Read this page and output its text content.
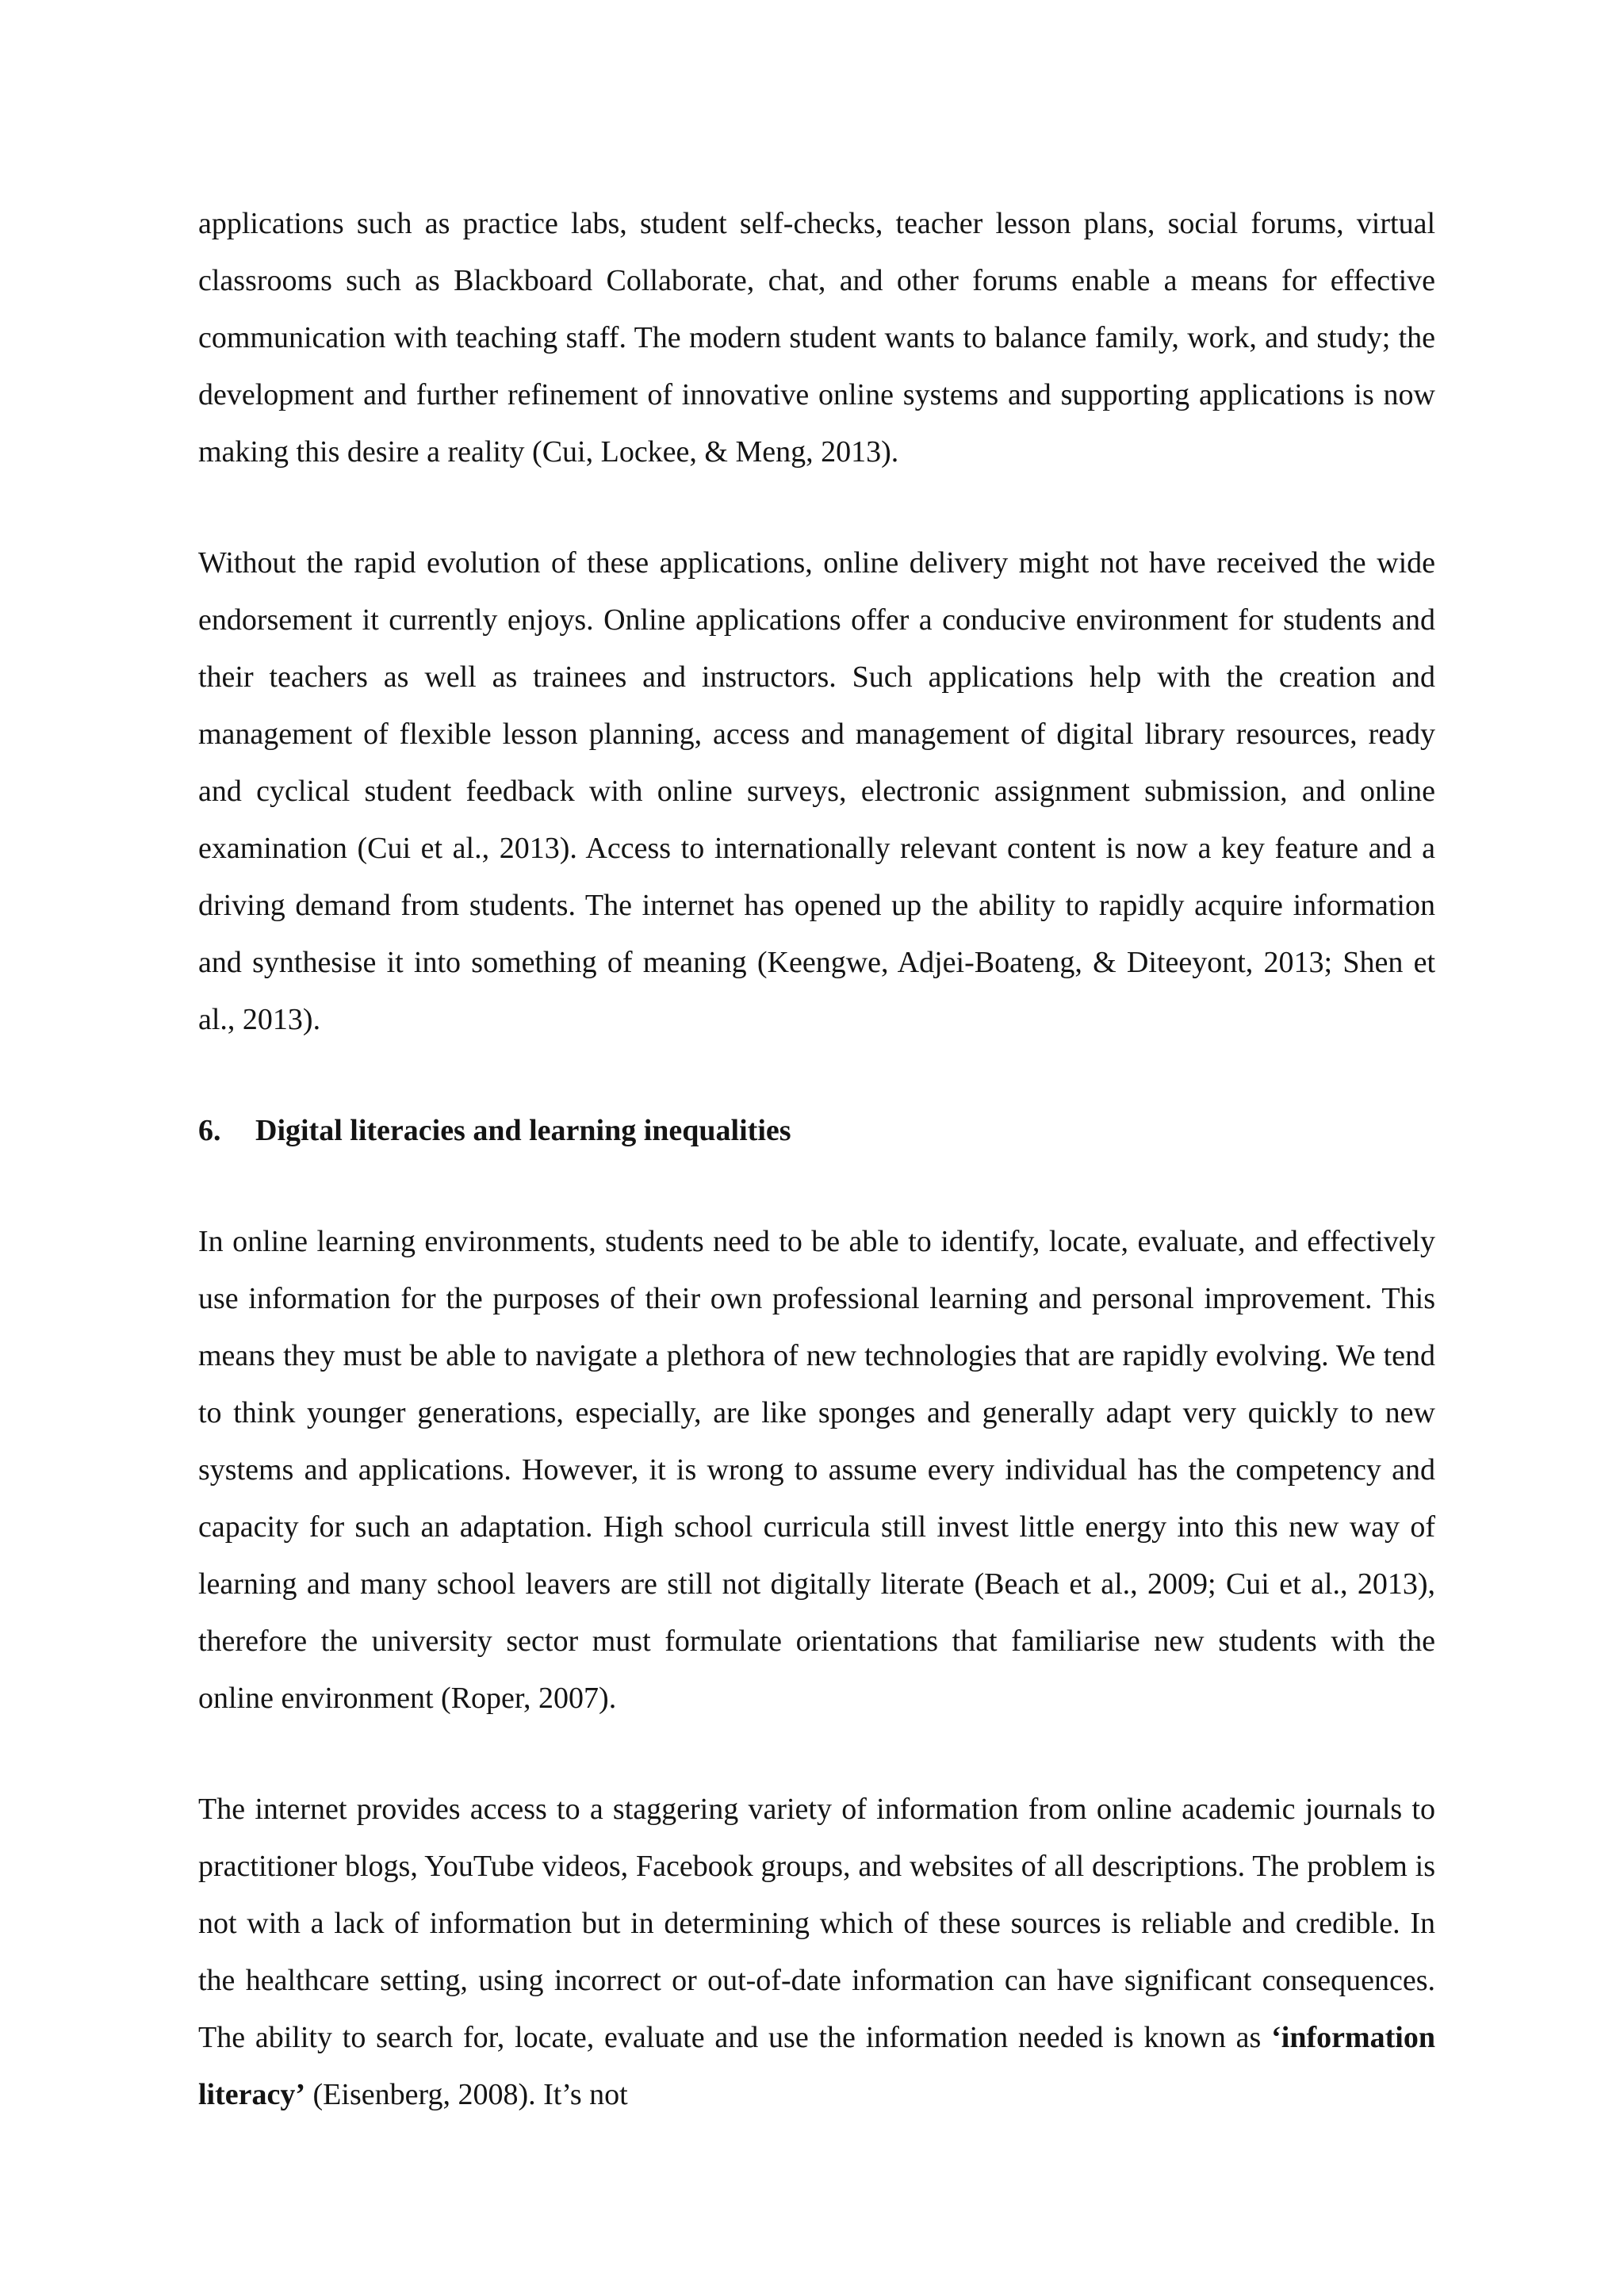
applications such as practice labs, student self-checks, teacher lesson plans, social forums, virtual classrooms such as Blackboard Collaborate, chat, and other forums enable a means for effective communication with teaching staff. The modern student wants to balance family, work, and study; the development and further refinement of innovative online systems and supporting applications is now making this desire a reality (Cui, Lockee, & Meng, 2013).

Without the rapid evolution of these applications, online delivery might not have received the wide endorsement it currently enjoys. Online applications offer a conducive environment for students and their teachers as well as trainees and instructors. Such applications help with the creation and management of flexible lesson planning, access and management of digital library resources, ready and cyclical student feedback with online surveys, electronic assignment submission, and online examination (Cui et al., 2013). Access to internationally relevant content is now a key feature and a driving demand from students. The internet has opened up the ability to rapidly acquire information and synthesise it into something of meaning (Keengwe, Adjei-Boateng, & Diteeyont, 2013; Shen et al., 2013).

6.	Digital literacies and learning inequalities

In online learning environments, students need to be able to identify, locate, evaluate, and effectively use information for the purposes of their own professional learning and personal improvement. This means they must be able to navigate a plethora of new technologies that are rapidly evolving. We tend to think younger generations, especially, are like sponges and generally adapt very quickly to new systems and applications. However, it is wrong to assume every individual has the competency and capacity for such an adaptation. High school curricula still invest little energy into this new way of learning and many school leavers are still not digitally literate (Beach et al., 2009; Cui et al., 2013), therefore the university sector must formulate orientations that familiarise new students with the online environment (Roper, 2007).

The internet provides access to a staggering variety of information from online academic journals to practitioner blogs, YouTube videos, Facebook groups, and websites of all descriptions. The problem is not with a lack of information but in determining which of these sources is reliable and credible. In the healthcare setting, using incorrect or out-of-date information can have significant consequences. The ability to search for, locate, evaluate and use the information needed is known as ‘information literacy’ (Eisenberg, 2008). It’s not
